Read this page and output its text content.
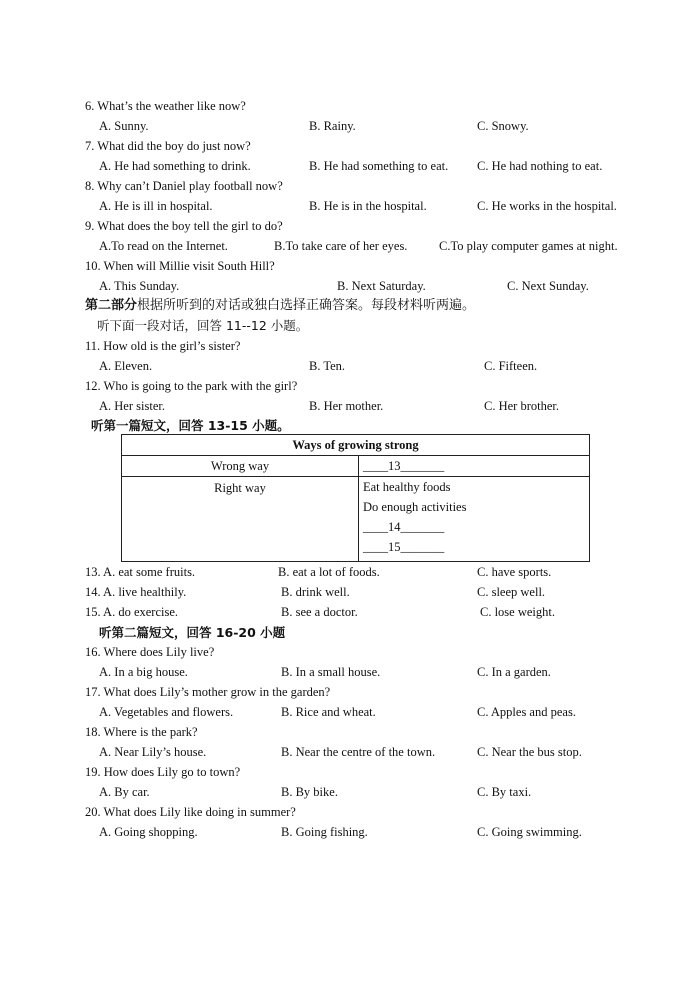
6. What’s the weather like now?
A. Sunny.	B. Rainy.	C. Snowy.
7. What did the boy do just now?
A. He had something to drink.	B. He had something to eat. C. He had nothing to eat.
8. Why can’t Daniel play football now?
A. He is ill in hospital.	B. He is in the hospital.	C. He works in the hospital.
9. What does the boy tell the girl to do?
A.To read on the Internet.	B.To take care of her eyes.	C.To play computer games at night.
10. When will Millie visit South Hill?
A. This Sunday.	B. Next Saturday.	C. Next Sunday.
第二部分根据所听到的对话或独白选择正确答案。每段材料听两遍。
听下面一段对话，回答 11--12 小题。
11. How old is the girl’s sister?
A. Eleven.	B. Ten.	C. Fifteen.
12. Who is going to the park with the girl?
A. Her sister.	B. Her mother.	C. Her brother.
听第一篇短文，回答 13-15 小题。
Ways of growing strong	
Wrong way	____13_______

Right way	Eat healthy foods
Do enough activities
____14_______
____15_______
13. A. eat some fruits.	B. eat a lot of foods.	C. have sports.
14. A. live healthily.	B. drink well.	C. sleep well.
15. A. do exercise.	B. see a doctor.	C. lose weight.
听第二篇短文，回答 16-20 小题
16. Where does Lily live?
A. In a big house.	B. In a small house.	C. In a garden.
17. What does Lily’s mother grow in the garden?
A. Vegetables and flowers.	B. Rice and wheat.	C. Apples and peas.
18. Where is the park?
A. Near Lily’s house.	B. Near the centre of the town.	C. Near the bus stop.
19. How does Lily go to town?
A. By car.	B. By bike.	C. By taxi.
20. What does Lily like doing in summer?
A. Going shopping.	B. Going fishing.	C. Going swimming.
